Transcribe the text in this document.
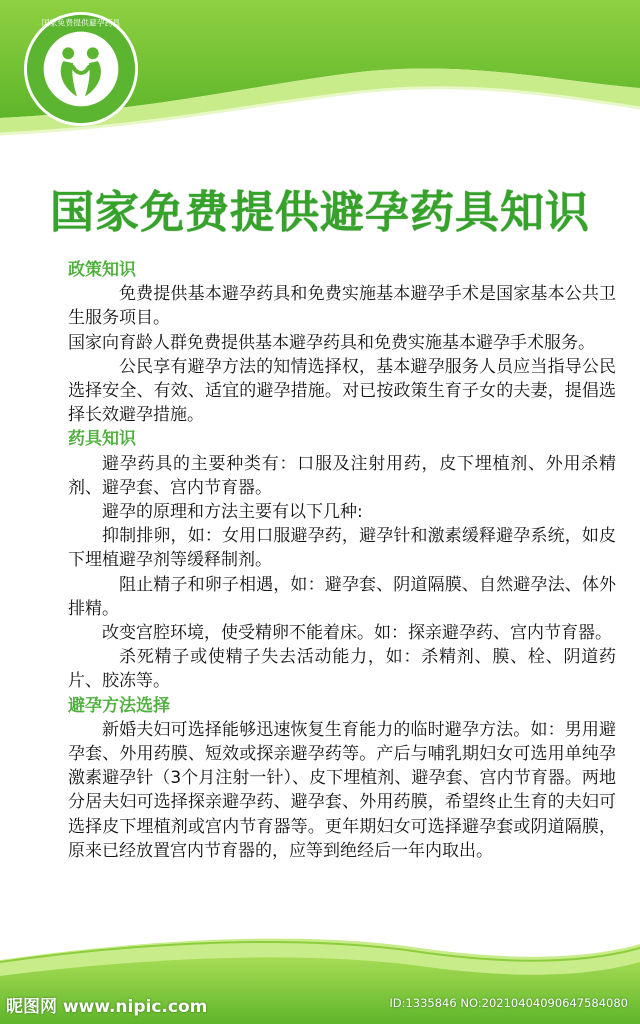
国家免费提供避孕药具
国家免费提供避孕药具知识
政策知识
免费提供基本避孕药具和免费实施基本避孕手术是国家基本公共卫生服务项目。
国家向育龄人群免费提供基本避孕药具和免费实施基本避孕手术服务。
公民享有避孕方法的知情选择权，基本避孕服务人员应当指导公民选择安全、有效、适宜的避孕措施。对已按政策生育子女的夫妻，提倡选择长效避孕措施。
药具知识
避孕药具的主要种类有：口服及注射用药，皮下埋植剂、外用杀精剂、避孕套、宫内节育器。
避孕的原理和方法主要有以下几种:
抑制排卵，如：女用口服避孕药，避孕针和激素缓释避孕系统，如皮下埋植避孕剂等缓释制剂。
阻止精子和卵子相遇，如：避孕套、阴道隔膜、自然避孕法、体外排精。
改变宫腔环境，使受精卵不能着床。如：探亲避孕药、宫内节育器。
杀死精子或使精子失去活动能力，如：杀精剂、膜、栓、阴道药片、胶冻等。
避孕方法选择
新婚夫妇可选择能够迅速恢复生育能力的临时避孕方法。如：男用避孕套、外用药膜、短效或探亲避孕药等。产后与哺乳期妇女可选用单纯孕激素避孕针（3个月注射一针）、皮下埋植剂、避孕套、宫内节育器。两地分居夫妇可选择探亲避孕药、避孕套、外用药膜，希望终止生育的夫妇可选择皮下埋植剂或宫内节育器等。更年期妇女可选择避孕套或阴道隔膜，原来已经放置宫内节育器的，应等到绝经后一年内取出。
昵图网 www.nipic.com	ID:1335846 NO:20210404090647584080
